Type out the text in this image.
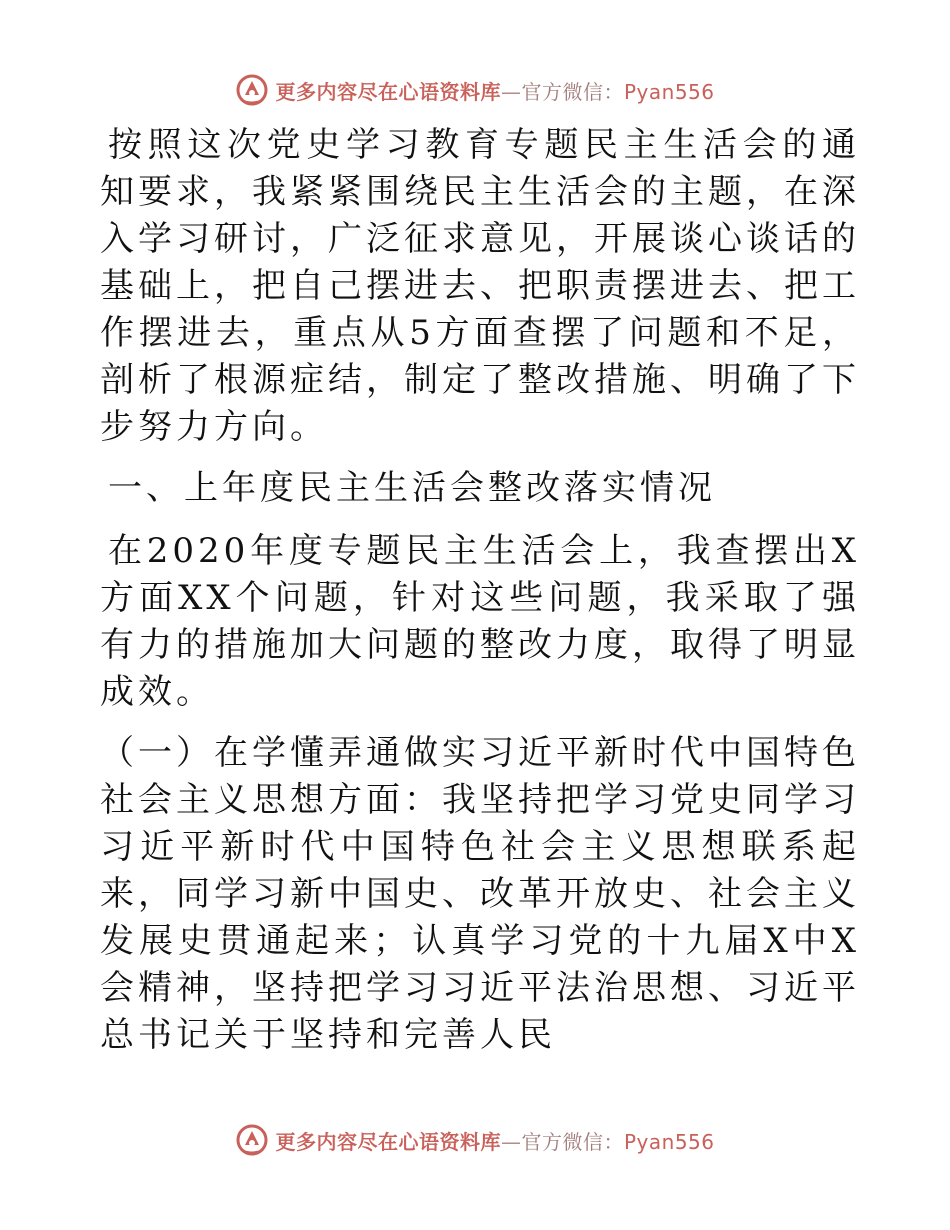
更多内容尽在心语资料库—官方微信：Pyan556

按照这次党史学习教育专题民主生活会的通知要求，我紧紧围绕民主生活会的主题，在深入学习研讨，广泛征求意见，开展谈心谈话的基础上，把自己摆进去、把职责摆进去、把工作摆进去，重点从5方面查摆了问题和不足，剖析了根源症结，制定了整改措施、明确了下步努力方向。

一、上年度民主生活会整改落实情况

在2020年度专题民主生活会上，我查摆出X方面XX个问题，针对这些问题，我采取了强有力的措施加大问题的整改力度，取得了明显成效。

（一）在学懂弄通做实习近平新时代中国特色社会主义思想方面：我坚持把学习党史同学习习近平新时代中国特色社会主义思想联系起来，同学习新中国史、改革开放史、社会主义发展史贯通起来；认真学习党的十九届X中X会精神，坚持把学习习近平法治思想、习近平总书记关于坚持和完善人民

更多内容尽在心语资料库—官方微信：Pyan556
